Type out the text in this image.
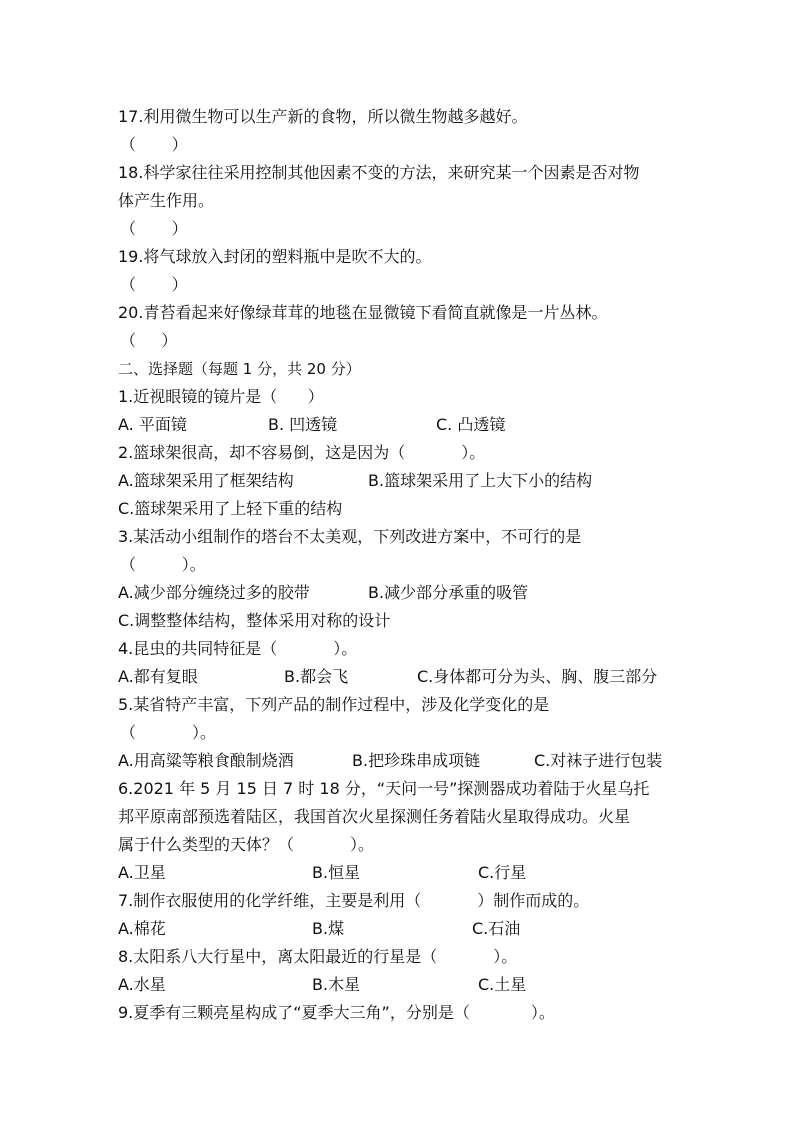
17.利用微生物可以生产新的食物，所以微生物越多越好。
（       ）
18.科学家往往采用控制其他因素不变的方法，来研究某一个因素是否对物
体产生作用。
（       ）
19.将气球放入封闭的塑料瓶中是吹不大的。
（       ）
20.青苔看起来好像绿茸茸的地毯在显微镜下看简直就像是一片丛林。
（     ）
二、选择题（每题 1 分，共 20 分）
1.近视眼镜的镜片是（      ）
A. 平面镜	B. 凹透镜	C. 凸透镜
2.篮球架很高，却不容易倒，这是因为（           ）。
A.篮球架采用了框架结构	B.篮球架采用了上大下小的结构
C.篮球架采用了上轻下重的结构
3.某活动小组制作的塔台不太美观，下列改进方案中，不可行的是
（         ）。
A.减少部分缠绕过多的胶带	B.减少部分承重的吸管
C.调整整体结构，整体采用对称的设计
4.昆虫的共同特征是（           ）。
A.都有复眼	B.都会飞	C.身体都可分为头、胸、腹三部分
5.某省特产丰富，下列产品的制作过程中，涉及化学变化的是
（           ）。
A.用高粱等粮食酿制烧酒	B.把珍珠串成项链	C.对袜子进行包装
6.2021 年 5 月 15 日 7 时 18 分，“天问一号”探测器成功着陆于火星乌托
邦平原南部预选着陆区，我国首次火星探测任务着陆火星取得成功。火星
属于什么类型的天体？（           ）。
A.卫星	B.恒星	C.行星
7.制作衣服使用的化学纤维，主要是利用（           ）制作而成的。
A.棉花	B.煤	C.石油
8.太阳系八大行星中，离太阳最近的行星是（           ）。
A.水星	B.木星	C.土星
9.夏季有三颗亮星构成了“夏季大三角”，分别是（            ）。
